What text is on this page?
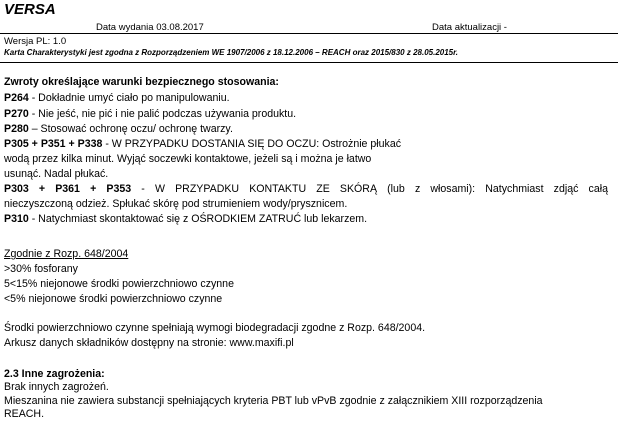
VERSA
Data wydania 03.08.2017	Data aktualizacji -
Wersja PL: 1.0
Karta Charakterystyki jest zgodna z Rozporządzeniem WE 1907/2006 z 18.12.2006 – REACH oraz 2015/830 z 28.05.2015r.
Zwroty określające warunki bezpiecznego stosowania:
P264 - Dokładnie umyć ciało po manipulowaniu.
P270 - Nie jeść, nie pić i nie palić podczas używania produktu.
P280 – Stosować ochronę oczu/ ochronę twarzy.
P305 + P351 + P338 - W PRZYPADKU DOSTANIA SIĘ DO OCZU: Ostrożnie płukać
wodą przez kilka minut. Wyjąć soczewki kontaktowe, jeżeli są i można je łatwo
usunąć. Nadal płukać.
P303 + P361 + P353 - W PRZYPADKU KONTAKTU ZE SKÓRĄ (lub z włosami): Natychmiast zdjąć całą
nieczyszczoną odzież. Spłukać skórę pod strumieniem wody/prysznicem.
P310 - Natychmiast skontaktować się z OŚRODKIEM ZATRUĆ lub lekarzem.
Zgodnie z Rozp. 648/2004
>30% fosforany
5<15% niejonowe środki powierzchniowo czynne
<5% niejonowe środki powierzchniowo czynne
Środki powierzchniowo czynne spełniają wymogi biodegradacji zgodne z Rozp. 648/2004.
Arkusz danych składników dostępny na stronie: www.maxifi.pl
2.3 Inne zagrożenia:
Brak innych zagrożeń.
Mieszanina nie zawiera substancji spełniających kryteria PBT lub vPvB zgodnie z załącznikiem XIII rozporządzenia
REACH.
